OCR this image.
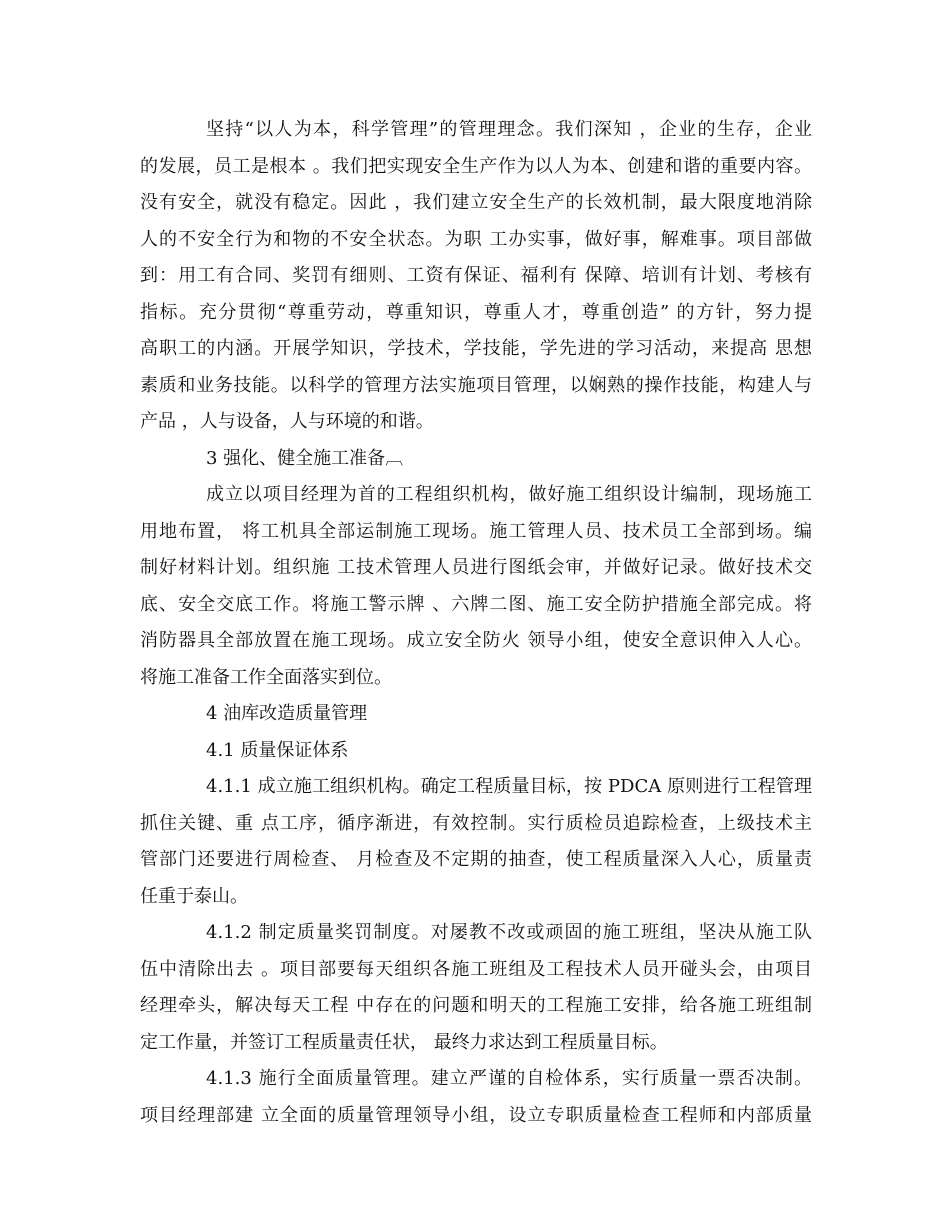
坚持“以人为本，科学管理”的管理理念。我们深知 ，企业的生存，企业
的发展，员工是根本 。我们把实现安全生产作为以人为本、创建和谐的重要内容。
没有安全，就没有稳定。因此 ，我们建立安全生产的长效机制，最大限度地消除
人的不安全行为和物的不安全状态。为职 工办实事，做好事，解难事。项目部做
到：用工有合同、奖罚有细则、工资有保证、福利有 保障、培训有计划、考核有
指标。充分贯彻“尊重劳动，尊重知识，尊重人才，尊重创造” 的方针，努力提
高职工的内涵。开展学知识，学技术，学技能，学先进的学习活动，来提高 思想
素质和业务技能。以科学的管理方法实施项目管理，以娴熟的操作技能，构建人与
产品 ，人与设备，人与环境的和谐。
3 强化、健全施工准备︹
成立以项目经理为首的工程组织机构，做好施工组织设计编制，现场施工
用地布置， 将工机具全部运制施工现场。施工管理人员、技术员工全部到场。编
制好材料计划。组织施 工技术管理人员进行图纸会审，并做好记录。做好技术交
底、安全交底工作。将施工警示牌 、六牌二图、施工安全防护措施全部完成。将
消防器具全部放置在施工现场。成立安全防火 领导小组，使安全意识伸入人心。
将施工准备工作全面落实到位。
4 油库改造质量管理
4.1 质量保证体系
4.1.1 成立施工组织机构。确定工程质量目标，按 PDCA 原则进行工程管理
抓住关键、重 点工序，循序渐进，有效控制。实行质检员追踪检查，上级技术主
管部门还要进行周检查、 月检查及不定期的抽查，使工程质量深入人心，质量责
任重于泰山。
4.1.2 制定质量奖罚制度。对屡教不改或顽固的施工班组，坚决从施工队
伍中清除出去 。项目部要每天组织各施工班组及工程技术人员开碰头会，由项目
经理牵头，解决每天工程 中存在的问题和明天的工程施工安排，给各施工班组制
定工作量，并签订工程质量责任状， 最终力求达到工程质量目标。
4.1.3 施行全面质量管理。建立严谨的自检体系，实行质量一票否决制。
项目经理部建 立全面的质量管理领导小组，设立专职质量检查工程师和内部质量
